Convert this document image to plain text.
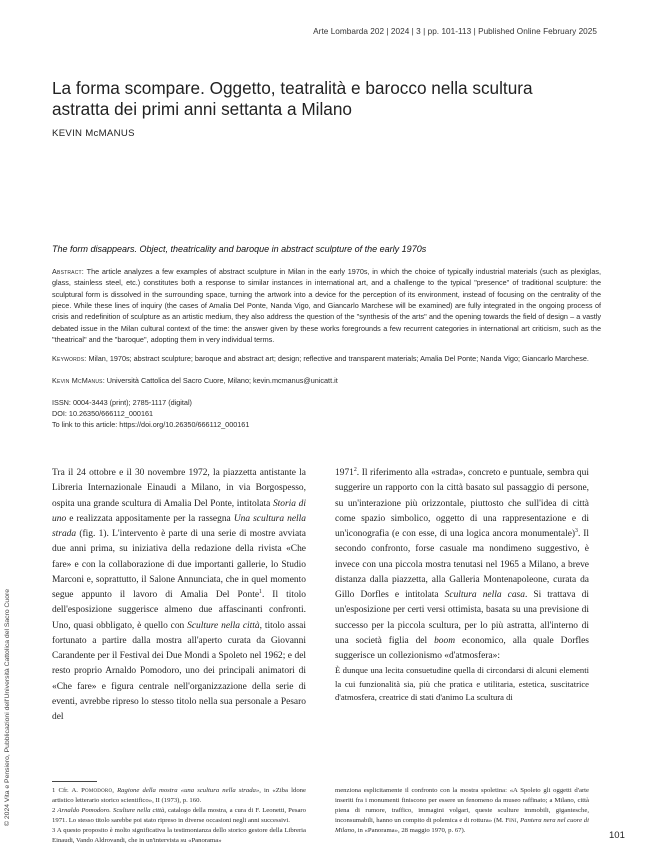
Arte Lombarda 202 | 2024 | 3 | pp. 101-113 | Published Online February 2025
La forma scompare. Oggetto, teatralità e barocco nella scultura astratta dei primi anni settanta a Milano
KEVIN McMANUS
The form disappears. Object, theatricality and baroque in abstract sculpture of the early 1970s
Abstract: The article analyzes a few examples of abstract sculpture in Milan in the early 1970s, in which the choice of typically industrial materials (such as plexiglas, glass, stainless steel, etc.) constitutes both a response to similar instances in international art, and a challenge to the typical "presence" of traditional sculpture: the sculptural form is dissolved in the surrounding space, turning the artwork into a device for the perception of its environment, instead of focusing on the centrality of the piece. While these lines of inquiry (the cases of Amalia Del Ponte, Nanda Vigo, and Giancarlo Marchese will be examined) are fully integrated in the ongoing process of crisis and redefinition of sculpture as an artistic medium, they also address the question of the "synthesis of the arts" and the opening towards the field of design – a vastly debated issue in the Milan cultural context of the time: the answer given by these works foregrounds a few recurrent categories in international art criticism, such as the "theatrical" and the "baroque", adopting them in very individual terms.
Keywords: Milan, 1970s; abstract sculpture; baroque and abstract art; design; reflective and transparent materials; Amalia Del Ponte; Nanda Vigo; Giancarlo Marchese.
Kevin McManus: Università Cattolica del Sacro Cuore, Milano; kevin.mcmanus@unicatt.it
ISSN: 0004-3443 (print); 2785-1117 (digital)
DOI: 10.26350/666112_000161
To link to this article: https://doi.org/10.26350/666112_000161

Tra il 24 ottobre e il 30 novembre 1972, la piazzetta antistante la Libreria Internazionale Einaudi a Milano, in via Borgospesso, ospita una grande scultura di Amalia Del Ponte, intitolata Storia di uno e realizzata appositamente per la rassegna Una scultura nella strada (fig. 1). L'intervento è parte di una serie di mostre avviata due anni prima, su iniziativa della redazione della rivista «Che fare» e con la collaborazione di due importanti gallerie, lo Studio Marconi e, soprattutto, il Salone Annunciata, che in quel momento segue appunto il lavoro di Amalia Del Ponte$^1$. Il titolo dell'esposizione suggerisce almeno due affascinanti confronti. Uno, quasi obbligato, è quello con Sculture nella città, titolo assai fortunato a partire dalla mostra all'aperto curata da Giovanni Carandente per il Festival dei Due Mondi a Spoleto nel 1962; e del resto proprio Arnaldo Pomodoro, uno dei principali animatori di «Che fare» e figura centrale nell'organizzazione della serie di eventi, avrebbe ripreso lo stesso titolo nella sua personale a Pesaro del

1971$^2$. Il riferimento alla «strada», concreto e puntuale, sembra qui suggerire un rapporto con la città basato sul passaggio di persone, su un'interazione più orizzontale, piuttosto che sull'idea di città come spazio simbolico, oggetto di una rappresentazione e di un'iconografia (e con esse, di una logica ancora monumentale)$^3$. Il secondo confronto, forse casuale ma nondimeno suggestivo, è invece con una piccola mostra tenutasi nel 1965 a Milano, a breve distanza dalla piazzetta, alla Galleria Montenapoleone, curata da Gillo Dorfles e intitolata Scultura nella casa. Si trattava di un'esposizione per certi versi ottimista, basata su una previsione di successo per la piccola scultura, per lo più astratta, all'interno di una società figlia del boom economico, alla quale Dorfles suggerisce un collezionismo «d'atmosfera»:

È dunque una lecita consuetudine quella di circondarsi di alcuni elementi la cui funzionalità sia, più che pratica e utilitaria, estetica, suscitatrice d'atmosfera, creatrice di stati d'animo La scultura di

1 Cfr. A. Pomodoro, Ragione della mostra «una scultura nella strada», in «Ziba ldone artistico letterario storico scientifico», II (1973), p. 160.

2 Arnaldo Pomodoro. Sculture nella città, catalogo della mostra, a cura di F. Leonetti, Pesaro 1971. Lo stesso titolo sarebbe poi stato ripreso in diverse occasioni negli anni successivi.

3 A questo proposito è molto significativa la testimonianza dello storico gestore della Libreria Einaudi, Vando Aldrovandi, che in un'intervista su «Panorama»

menziona esplicitamente il confronto con la mostra spoletina: «A Spoleto gli oggetti d'arte inseriti fra i monumenti finiscono per essere un fenomeno da museo raffinato; a Milano, città piena di rumore, traffico, immagini volgari, queste sculture immobili, gigantesche, inconsumabili, hanno un compito di polemica e di rottura» (M. Fini, Pantera nera nel cuore di Milano, in «Panorama», 28 maggio 1970, p. 67).	101
© 2024 Vita e Pensiero, Pubblicazioni dell'Università Cattolica del Sacro Cuore
